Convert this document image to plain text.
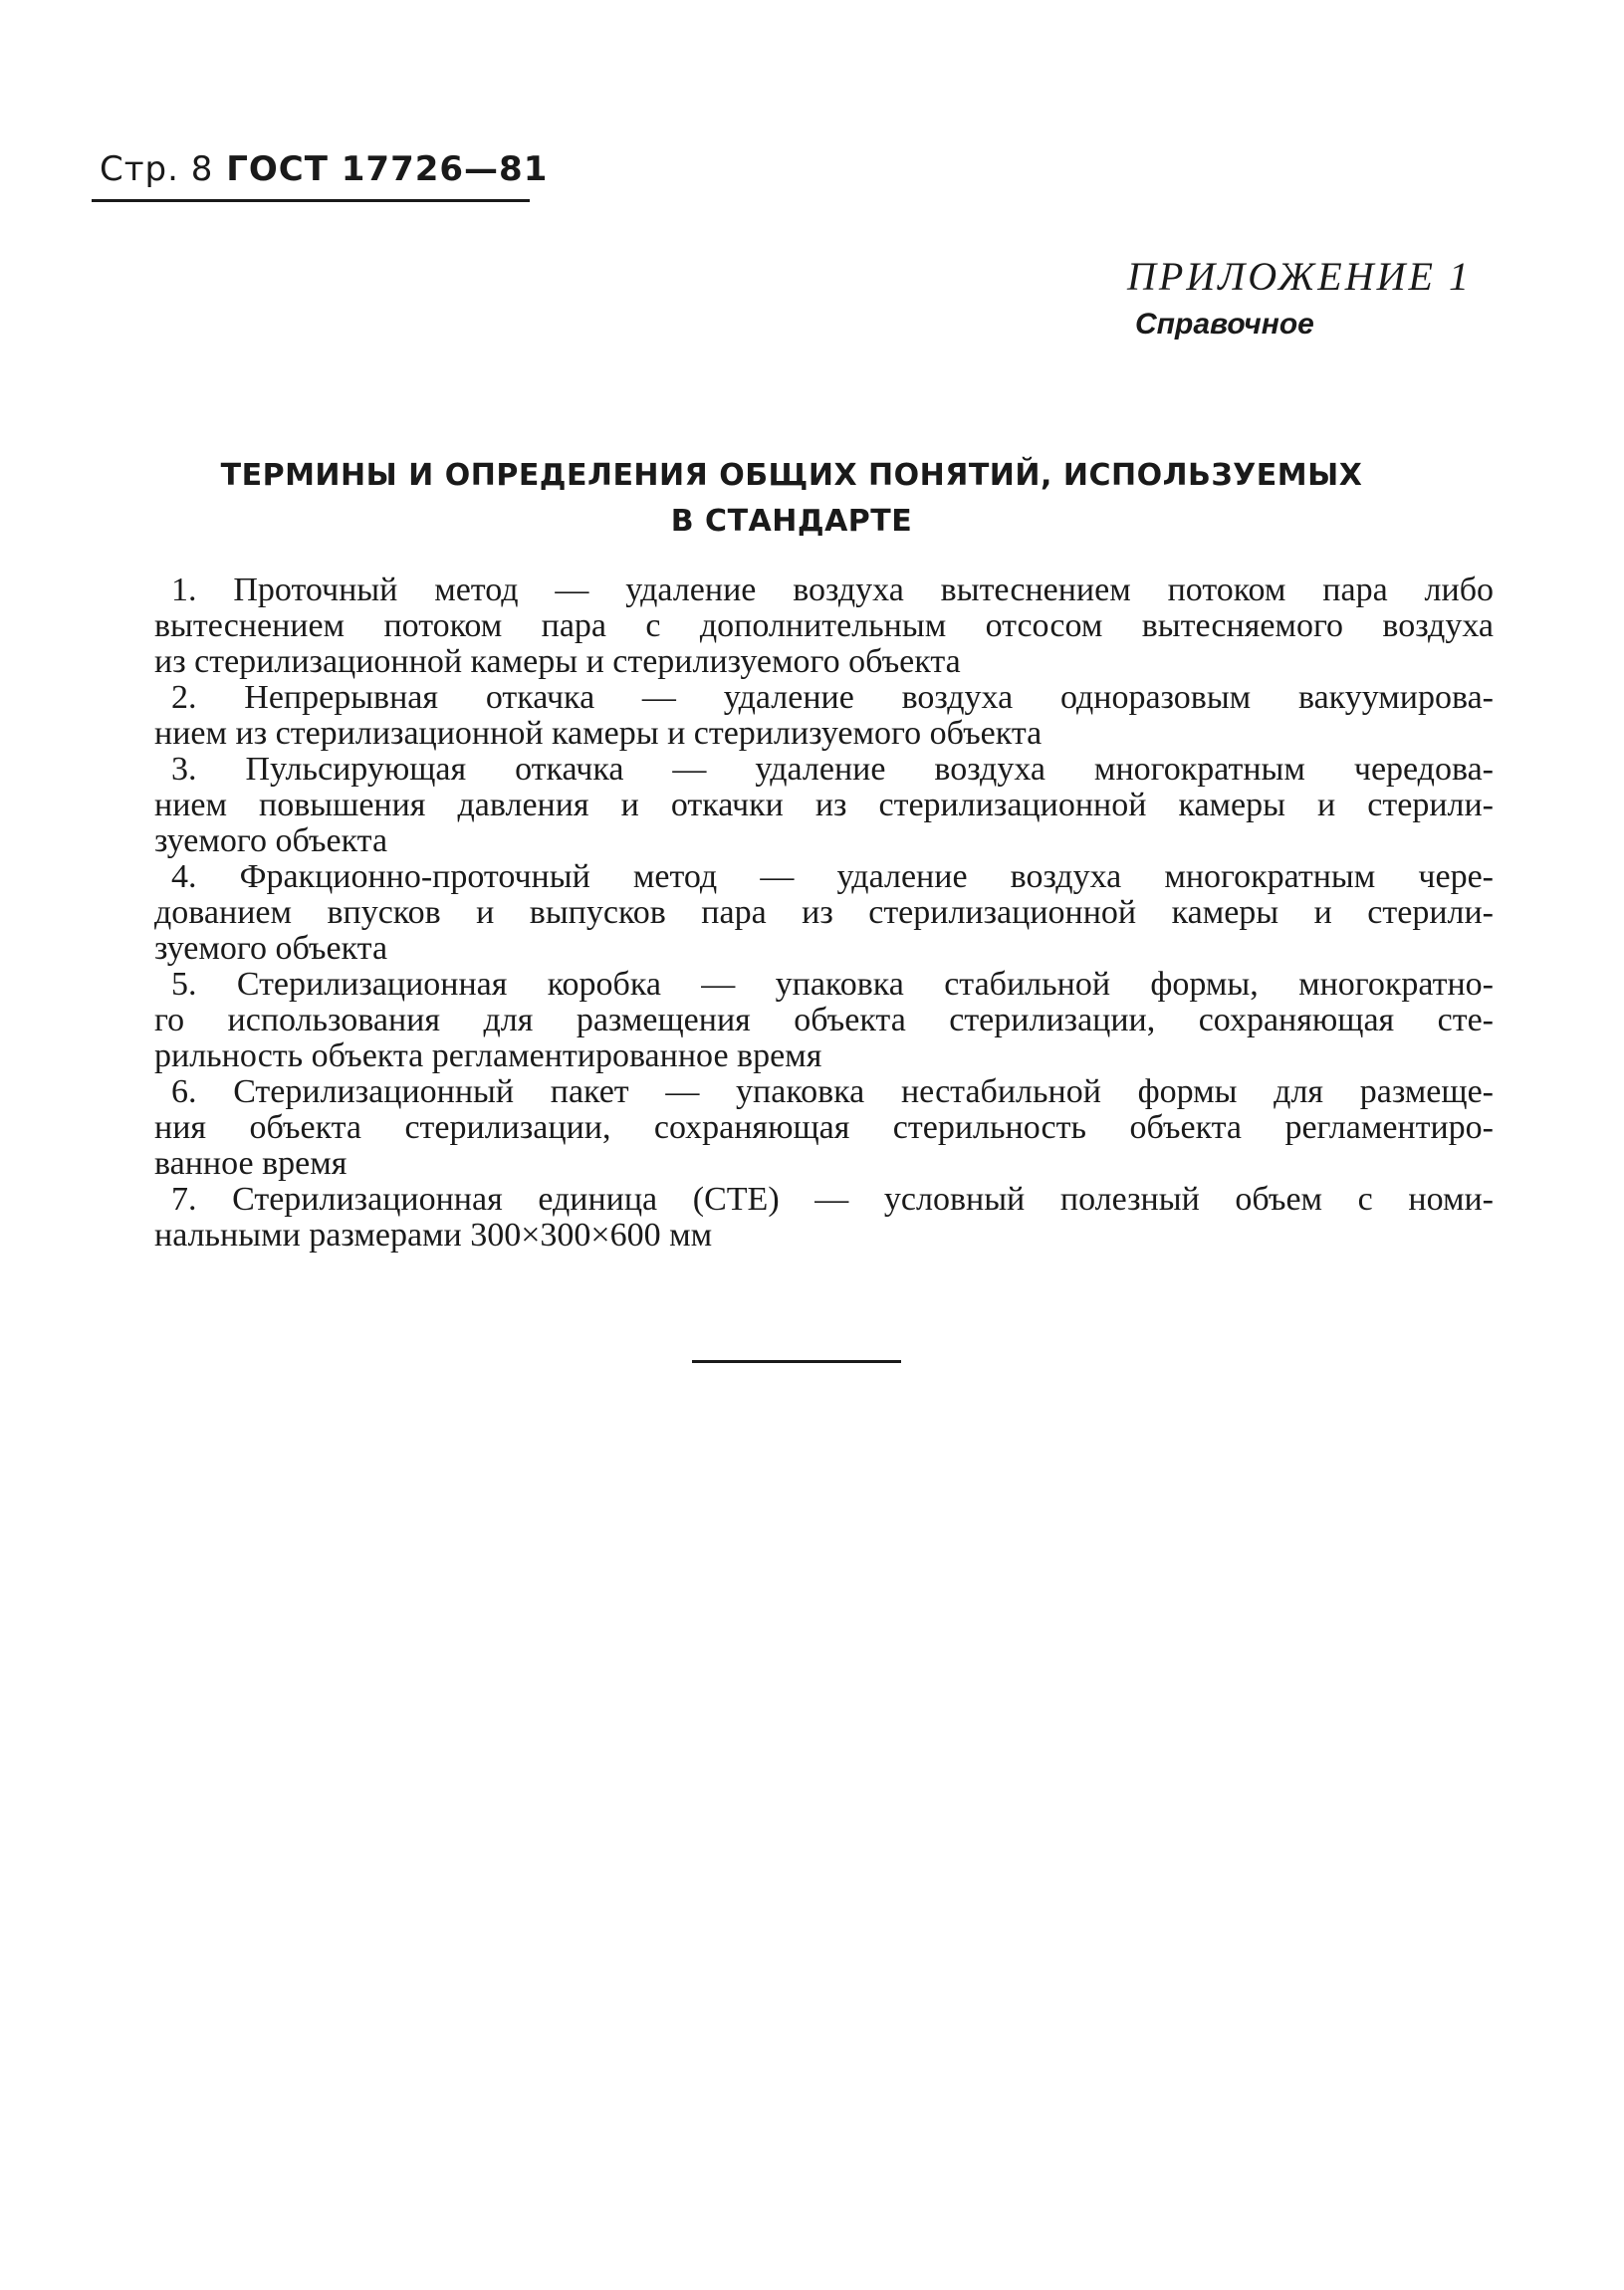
Стр. 8 ГОСТ 17726—81
ПРИЛОЖЕНИЕ 1
Справочное
ТЕРМИНЫ И ОПРЕДЕЛЕНИЯ ОБЩИХ ПОНЯТИЙ, ИСПОЛЬЗУЕМЫХ
В СТАНДАРТЕ
1. Проточный метод — удаление воздуха вытеснением потоком пара либо
вытеснением потоком пара с дополнительным отсосом вытесняемого воздуха
из стерилизационной камеры и стерилизуемого объекта
2. Непрерывная откачка — удаление воздуха одноразовым вакуумирова-
нием из стерилизационной камеры и стерилизуемого объекта
3. Пульсирующая откачка — удаление воздуха многократным чередова-
нием повышения давления и откачки из стерилизационной камеры и стерили-
зуемого объекта
4. Фракционно-проточный метод — удаление воздуха многократным чере-
дованием впусков и выпусков пара из стерилизационной камеры и стерили-
зуемого объекта
5. Стерилизационная коробка — упаковка стабильной формы, многократно-
го использования для размещения объекта стерилизации, сохраняющая сте-
рильность объекта регламентированное время
6. Стерилизационный пакет — упаковка нестабильной формы для размеще-
ния объекта стерилизации, сохраняющая стерильность объекта регламентиро-
ванное время
7. Стерилизационная единица (СТЕ) — условный полезный объем с номи-
нальными размерами 300×300×600 мм
